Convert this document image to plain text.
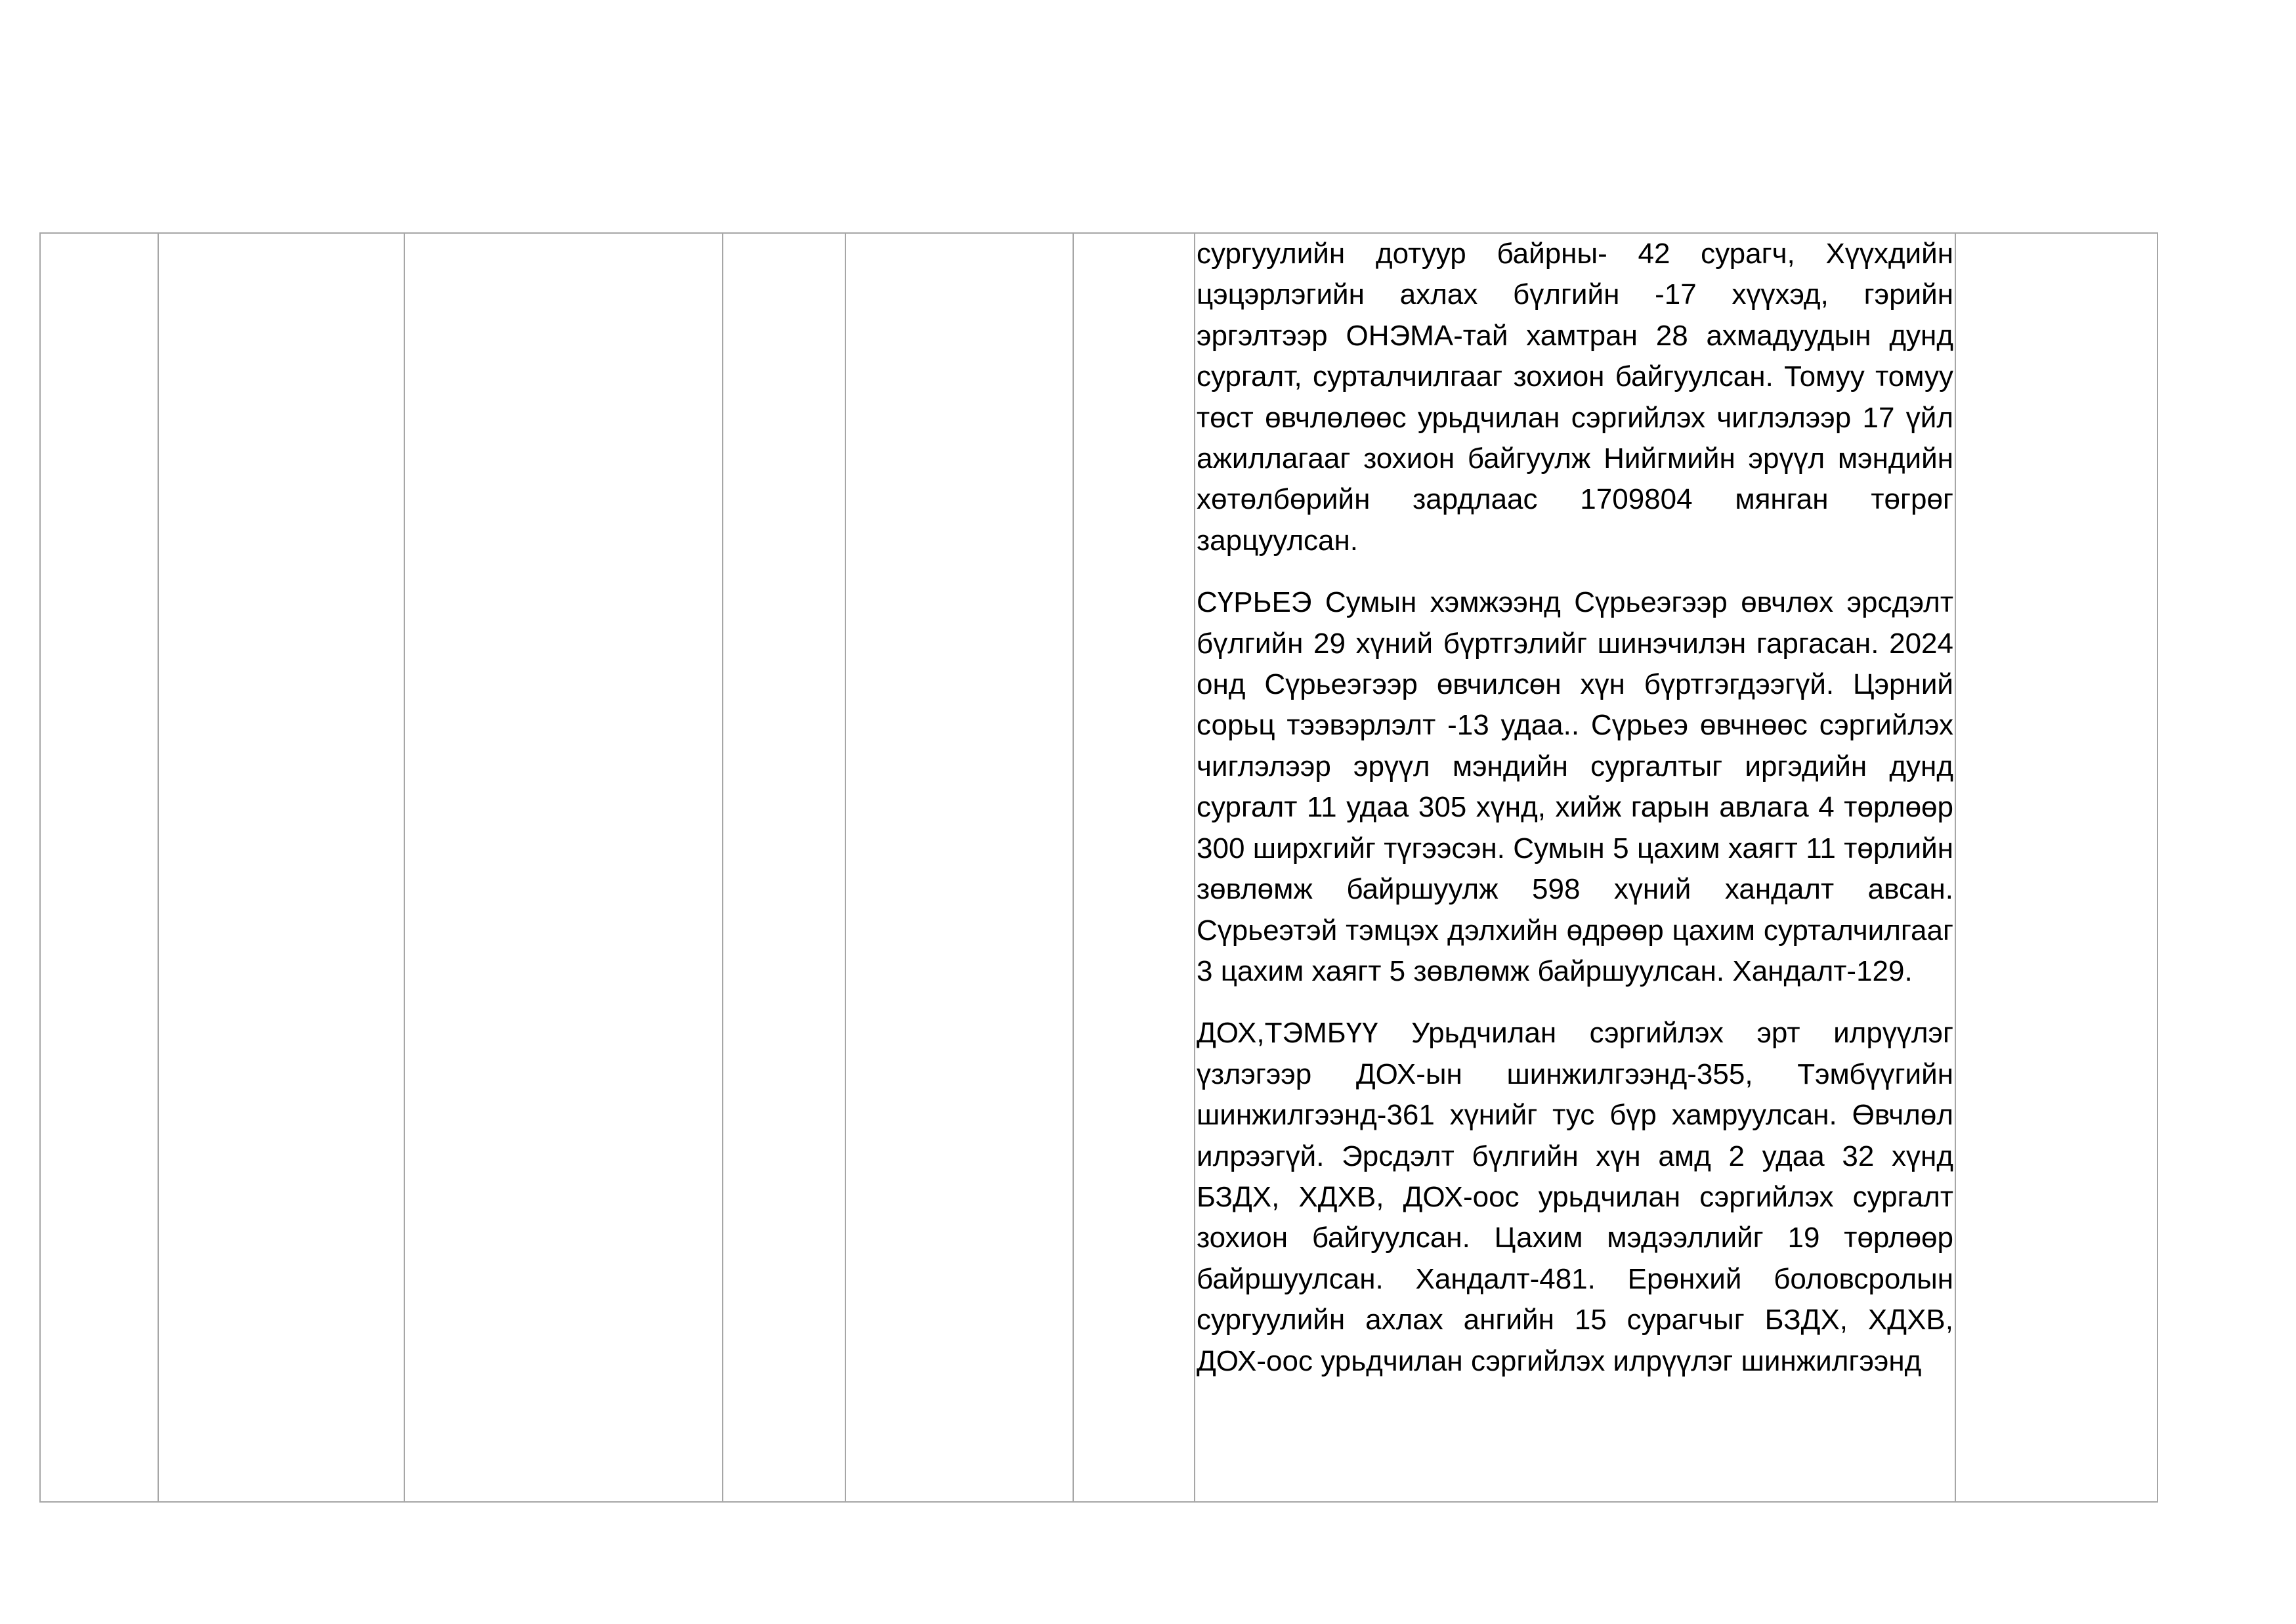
сургуулийн дотуур байрны- 42 сурагч, Хүүхдийн цэцэрлэгийн ахлах бүлгийн -17 хүүхэд, гэрийн эргэлтээр ОНЭМА-тай хамтран 28 ахмадуудын дунд сургалт, сурталчилгааг зохион байгуулсан. Томуу томуу төст өвчлөлөөс урьдчилан сэргийлэх чиглэлээр 17 үйл ажиллагааг зохион байгуулж Нийгмийн эрүүл мэндийн хөтөлбөрийн зардлаас 1709804 мянган төгрөг зарцуулсан.

СҮРЬЕЭ Сумын хэмжээнд Сүрьеэгээр өвчлөх эрсдэлт бүлгийн 29 хүний бүртгэлийг шинэчилэн гаргасан. 2024 онд Сүрьеэгээр өвчилсөн хүн бүртгэгдээгүй. Цэрний сорьц тээвэрлэлт -13 удаа.. Сүрьеэ өвчнөөс сэргийлэх чиглэлээр эрүүл мэндийн сургалтыг иргэдийн дунд сургалт 11 удаа 305 хүнд, хийж гарын авлага 4 төрлөөр 300 ширхгийг түгээсэн. Сумын 5 цахим хаягт 11 төрлийн зөвлөмж байршуулж 598 хүний хандалт авсан. Сүрьеэтэй тэмцэх дэлхийн өдрөөр цахим сурталчилгааг 3 цахим хаягт 5 зөвлөмж байршуулсан. Хандалт-129.

ДОХ,ТЭМБҮҮ Урьдчилан сэргийлэх эрт илрүүлэг үзлэгээр ДОХ-ын шинжилгээнд-355, Тэмбүүгийн шинжилгээнд-361 хүнийг тус бүр хамруулсан. Өвчлөл илрээгүй. Эрсдэлт бүлгийн хүн амд 2 удаа 32 хүнд БЗДХ, ХДХВ, ДОХ-оос урьдчилан сэргийлэх сургалт зохион байгуулсан. Цахим мэдээллийг 19 төрлөөр байршуулсан. Хандалт-481. Ерөнхий боловсролын сургуулийн ахлах ангийн 15 сурагчыг БЗДХ, ХДХВ, ДОХ-оос урьдчилан сэргийлэх илрүүлэг шинжилгээнд
